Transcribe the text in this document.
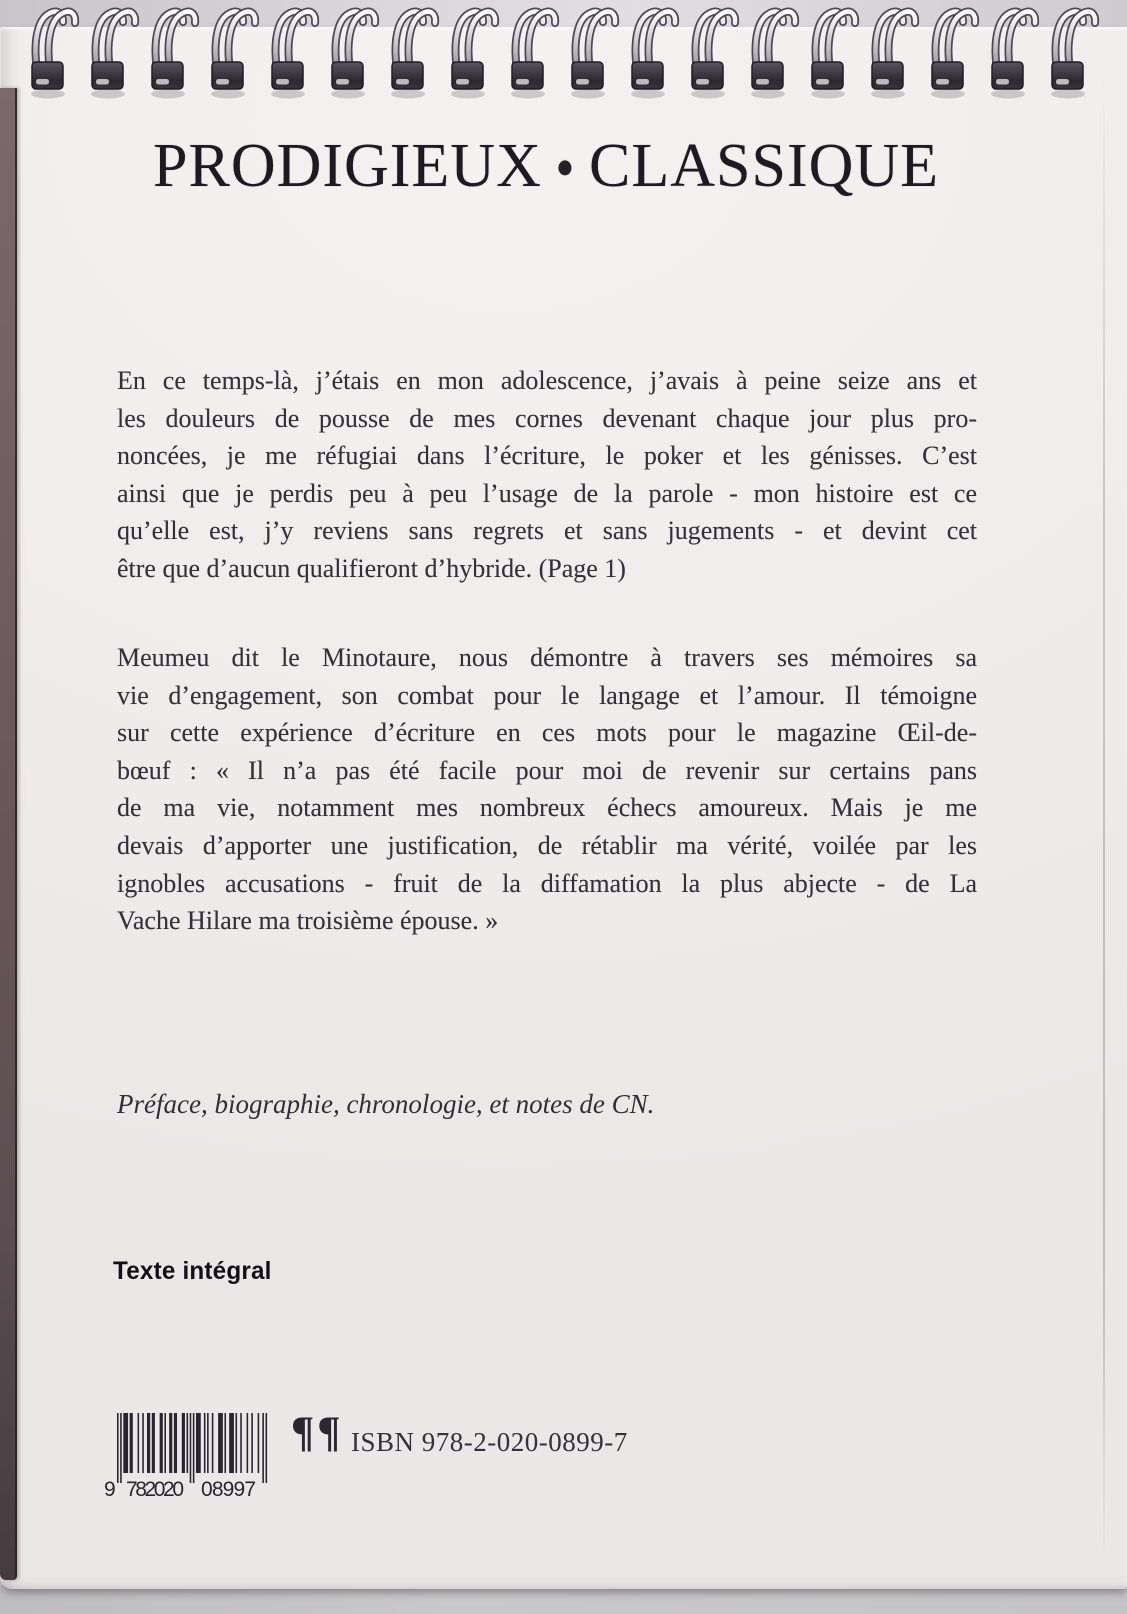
PRODIGIEUX ● CLASSIQUE
En ce temps-là, j’étais en mon adolescence, j’avais à peine seize ans et
les douleurs de pousse de mes cornes devenant chaque jour plus pro-
noncées, je me réfugiai dans l’écriture, le poker et les génisses. C’est
ainsi que je perdis peu à peu l’usage de la parole - mon histoire est ce
qu’elle est, j’y reviens sans regrets et sans jugements - et devint cet
être que d’aucun qualifieront d’hybride. (Page 1)
Meumeu dit le Minotaure, nous démontre à travers ses mémoires sa
vie d’engagement, son combat pour le langage et l’amour. Il témoigne
sur cette expérience d’écriture en ces mots pour le magazine Œil-de-
bœuf : « Il n’a pas été facile pour moi de revenir sur certains pans
de ma vie, notamment mes nombreux échecs amoureux. Mais je me
devais d’apporter une justification, de rétablir ma vérité, voilée par les
ignobles accusations - fruit de la diffamation la plus abjecte - de La
Vache Hilare ma troisième épouse. »
Préface, biographie, chronologie, et notes de CN.
Texte intégral
9 782020 08997
¶¶ ISBN 978-2-020-0899-7
